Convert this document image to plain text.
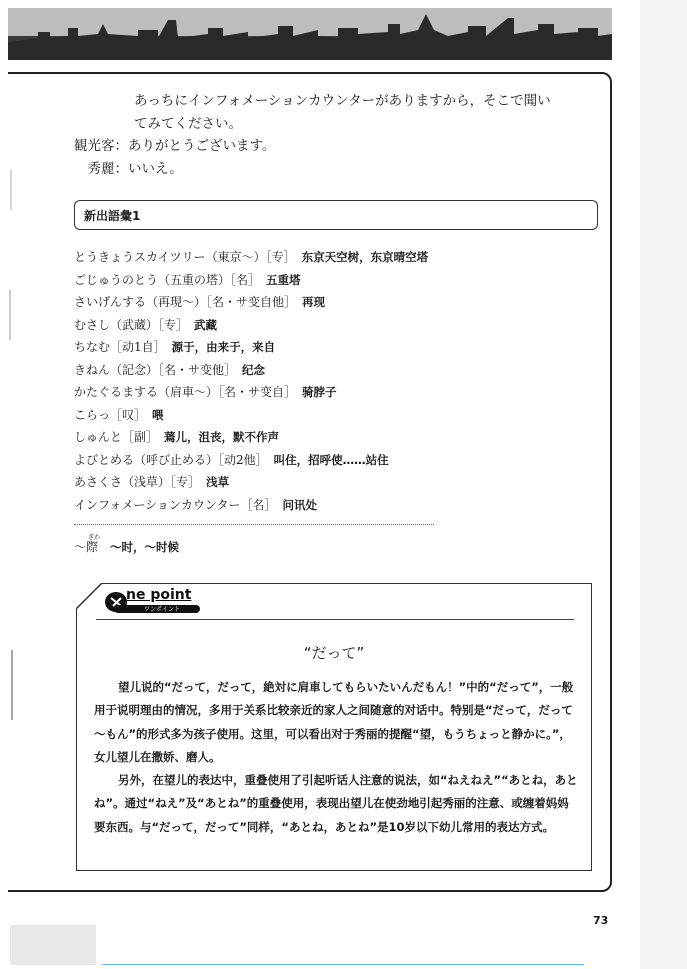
あっちにインフォメーションカウンターがありますから，そこで聞い
てみてください。
観光客：ありがとうございます。
秀麗：いいえ。
新出語彙1
とうきょうスカイツリー（東京～）［专］　 东京天空树，东京晴空塔
ごじゅうのとう（五重の塔）［名］　 五重塔
さいげんする（再現～）［名・サ变自他］　 再现
むさし（武蔵）［专］　 武藏
ちなむ［动1自］　 源于，由来于，来自
きねん（記念）［名・サ变他］　 纪念
かたぐるまする（肩車～）［名・サ变自］　 骑脖子
こらっ［叹］　 喂
しゅんと［副］　 蔫儿，沮丧，默不作声
よびとめる（呼び止める）［动2他］　 叫住，招呼使……站住
あさくさ（浅草）［专］　 浅草
インフォメーションカウンター［名］　 问讯处
ぎわ
～際　 ～时，～时候
ne point
ワンポイント
“だって”

望儿说的“だって，だって，絶対に肩車してもらいたいんだもん！”中的“だって”，一般用于说明理由的情况，多用于关系比较亲近的家人之间随意的对话中。特别是“だって，だって～もん”的形式多为孩子使用。这里，可以看出对于秀丽的提醒“望，もうちょっと静かに。”，女儿望儿在撒娇、磨人。

另外，在望儿的表达中，重叠使用了引起听话人注意的说法，如“ねえねえ”“あとね，あとね”。通过“ねえ”及“あとね”的重叠使用，表现出望儿在使劲地引起秀丽的注意、或缠着妈妈要东西。与“だって，だって”同样，“あとね，あとね”是10岁以下幼儿常用的表达方式。

73
